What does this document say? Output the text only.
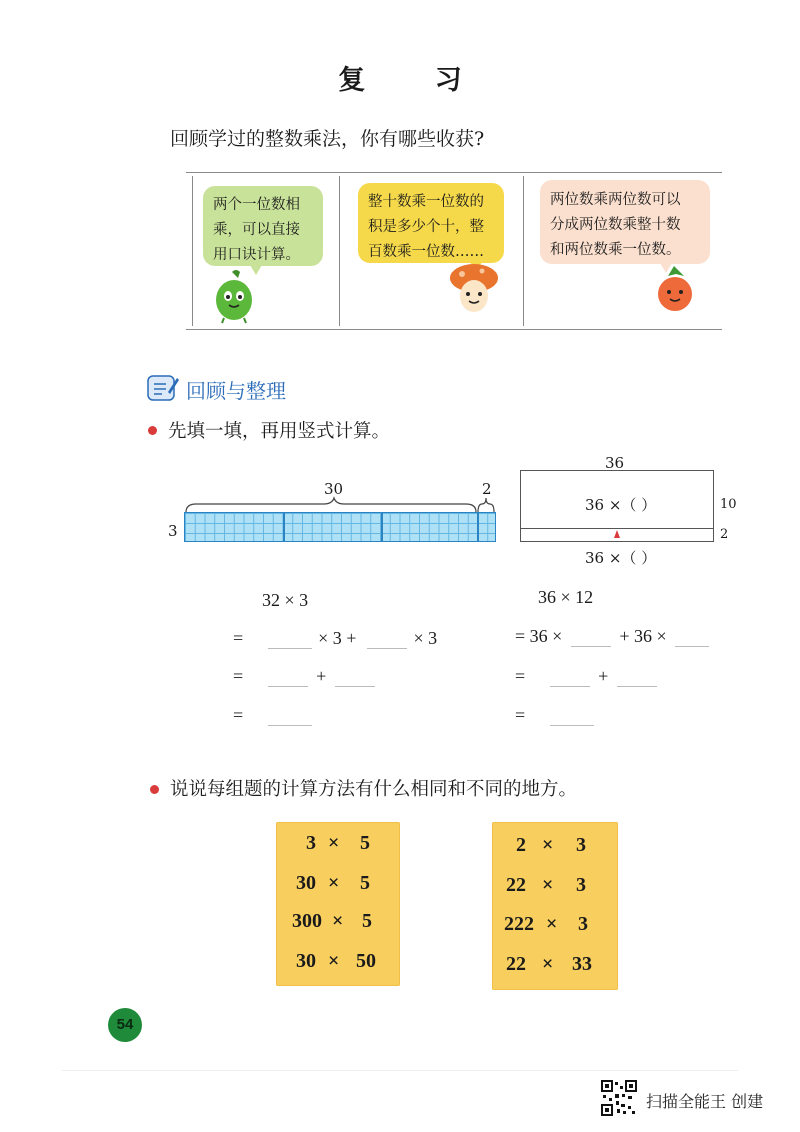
复 习
回顾学过的整数乘法，你有哪些收获?
两个一位数相
乘，可以直接
用口诀计算。
整十数乘一位数的
积是多少个十，整
百数乘一位数……
两位数乘两位数可以
分成两位数乘整十数
和两位数乘一位数。
回顾与整理
先填一填，再用竖式计算。
30	2
3
36
36 ×（ ）	10
2
36 ×（ ）
32 × 3
=	× 3 +	× 3
=	+
=
36 × 12
= 36 ×	+ 36 ×
=	+
=
说说每组题的计算方法有什么相同和不同的地方。
3 × 5
30 × 5
300 × 5
30 × 50
2 × 3
22 × 3
222 × 3
22 × 33
54
扫描全能王 创建
